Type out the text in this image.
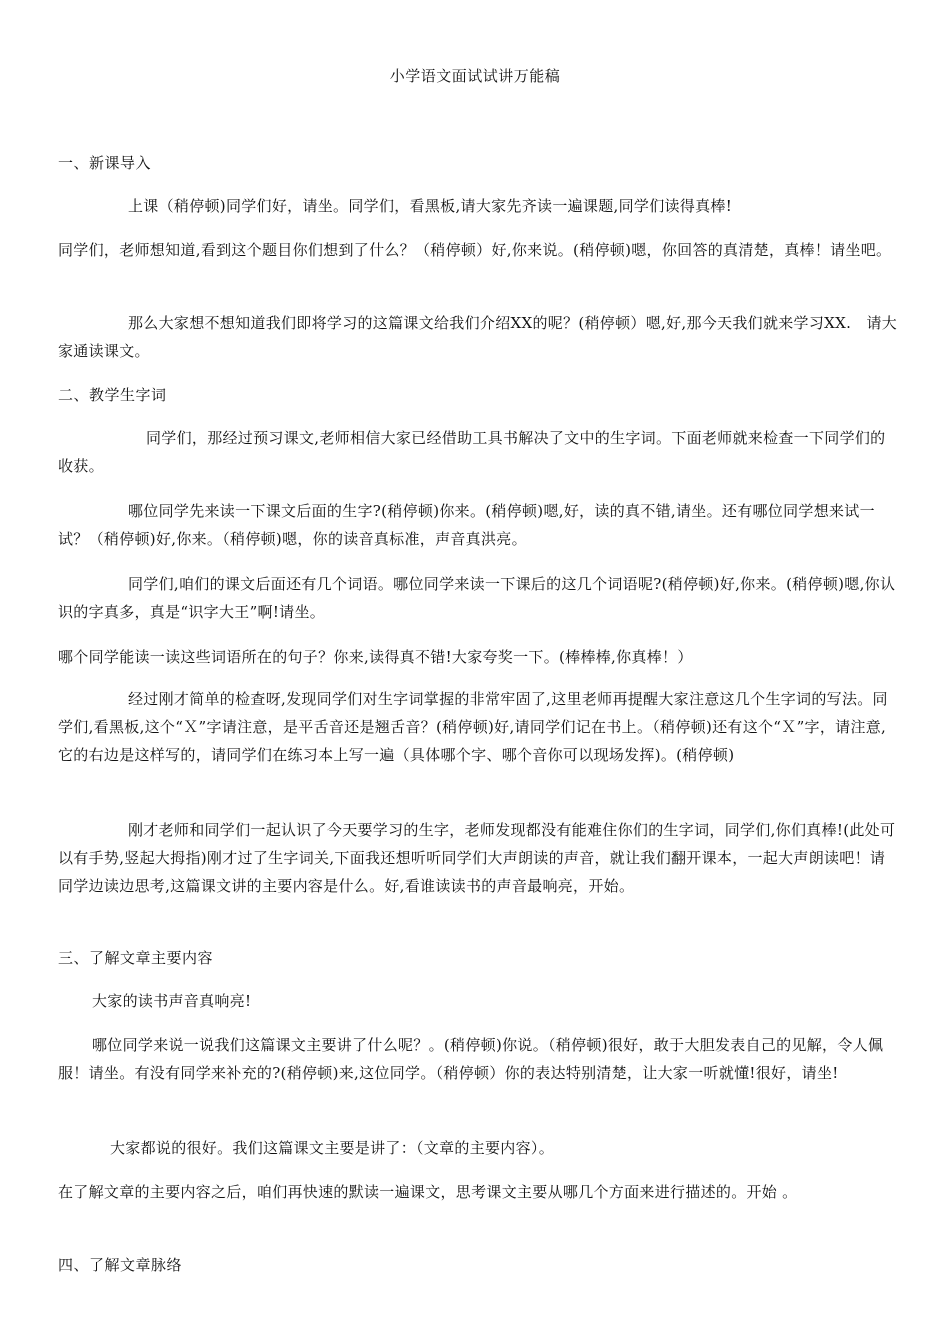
小学语文面试试讲万能稿
一、新课导入
上课（稍停顿)同学们好，请坐。同学们，看黑板,请大家先齐读一遍课题,同学们读得真棒!
同学们，老师想知道,看到这个题目你们想到了什么？（稍停顿）好,你来说。(稍停顿)嗯，你回答的真清楚，真棒！请坐吧。
那么大家想不想知道我们即将学习的这篇课文给我们介绍XX的呢？(稍停顿）嗯,好,那今天我们就来学习XX.　请大家通读课文。
二、教学生字词
同学们，那经过预习课文,老师相信大家已经借助工具书解决了文中的生字词。下面老师就来检查一下同学们的收获。
哪位同学先来读一下课文后面的生字?(稍停顿)你来。(稍停顿)嗯,好，读的真不错,请坐。还有哪位同学想来试一试？（稍停顿)好,你来。（稍停顿)嗯，你的读音真标准，声音真洪亮。
同学们,咱们的课文后面还有几个词语。哪位同学来读一下课后的这几个词语呢?(稍停顿)好,你来。(稍停顿)嗯,你认识的字真多，真是“识字大王”啊!请坐。
哪个同学能读一读这些词语所在的句子？你来,读得真不错!大家夸奖一下。(棒棒棒,你真棒！）
经过刚才简单的检查呀,发现同学们对生字词掌握的非常牢固了,这里老师再提醒大家注意这几个生字词的写法。同学们,看黑板,这个“Ｘ”字请注意，是平舌音还是翘舌音？(稍停顿)好,请同学们记在书上。（稍停顿)还有这个“Ｘ”字，请注意,它的右边是这样写的，请同学们在练习本上写一遍（具体哪个字、哪个音你可以现场发挥)。(稍停顿)
刚才老师和同学们一起认识了今天要学习的生字，老师发现都没有能难住你们的生字词，同学们,你们真棒!(此处可以有手势,竖起大拇指)刚才过了生字词关,下面我还想听听同学们大声朗读的声音，就让我们翻开课本，一起大声朗读吧！请同学边读边思考,这篇课文讲的主要内容是什么。好,看谁读读书的声音最响亮，开始。
三、了解文章主要内容
大家的读书声音真响亮!
哪位同学来说一说我们这篇课文主要讲了什么呢？。(稍停顿)你说。（稍停顿)很好，敢于大胆发表自己的见解，令人佩服！请坐。有没有同学来补充的?(稍停顿)来,这位同学。（稍停顿）你的表达特别清楚，让大家一听就懂!很好，请坐!
大家都说的很好。我们这篇课文主要是讲了：（文章的主要内容）。
在了解文章的主要内容之后，咱们再快速的默读一遍课文，思考课文主要从哪几个方面来进行描述的。开始 。
四、了解文章脉络
